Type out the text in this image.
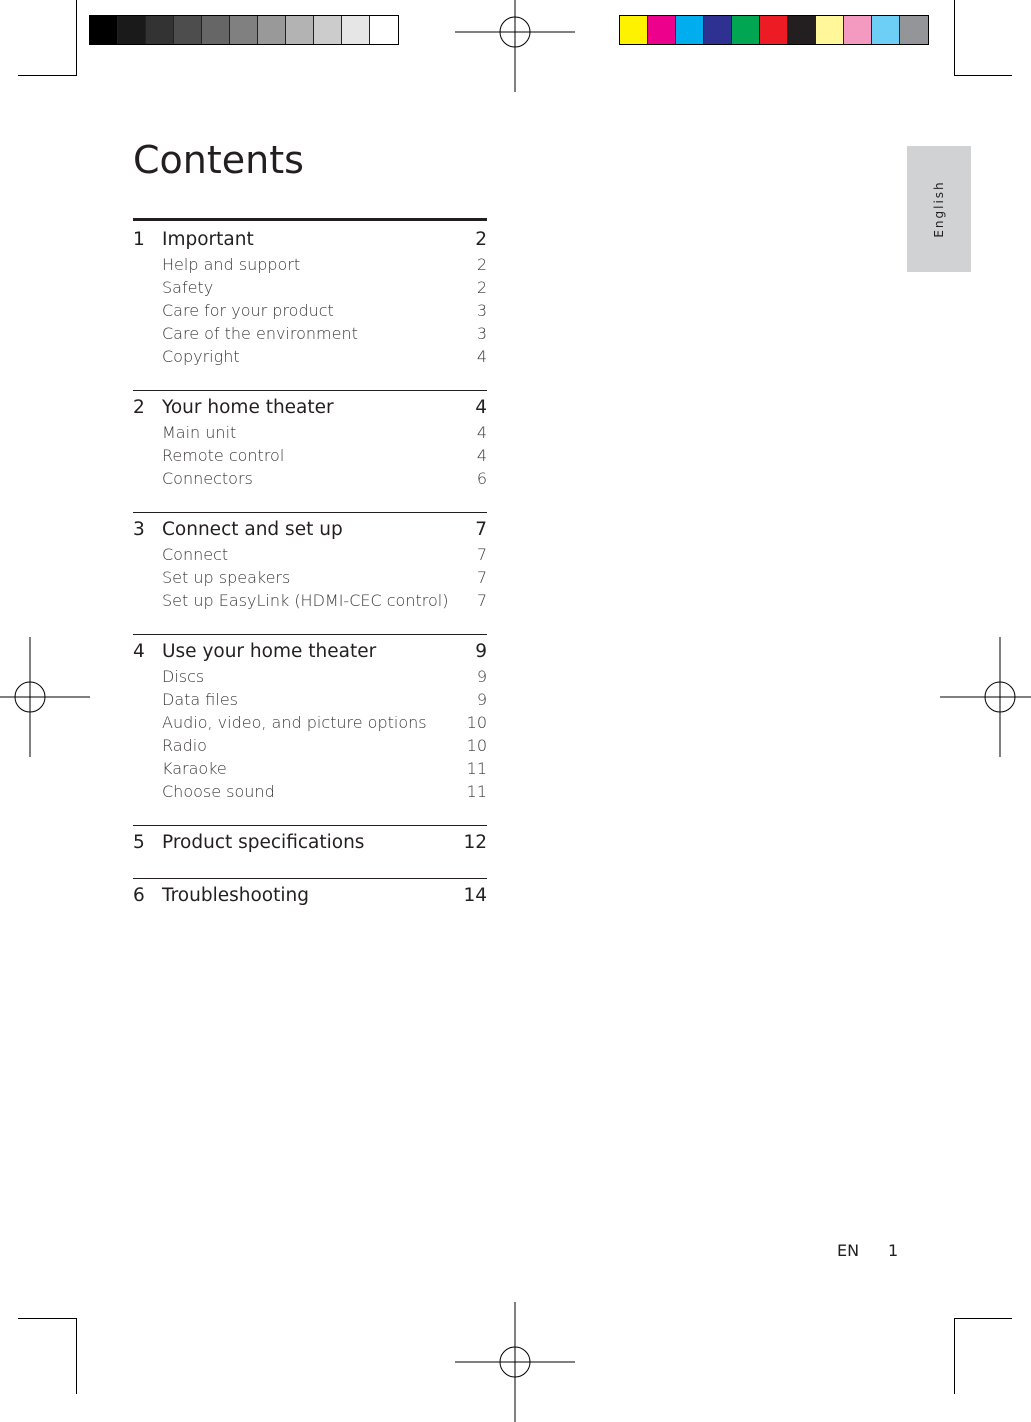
Contents
1 Important	2
Help and support	2
Safety	2
Care for your product	3
Care of the environment	3
Copyright	4
2 Your home theater	4
Main unit	4
Remote control	4
Connectors	6
3 Connect and set up	7
Connect	7
Set up speakers	7
Set up EasyLink (HDMI-CEC control) 7
4 Use your home theater	9
Discs	9
Data files	9
Audio, video, and picture options	10
Radio	10
Karaoke	11
Choose sound	11
5 Product specifications	12
6 Troubleshooting	14
English
EN 1
